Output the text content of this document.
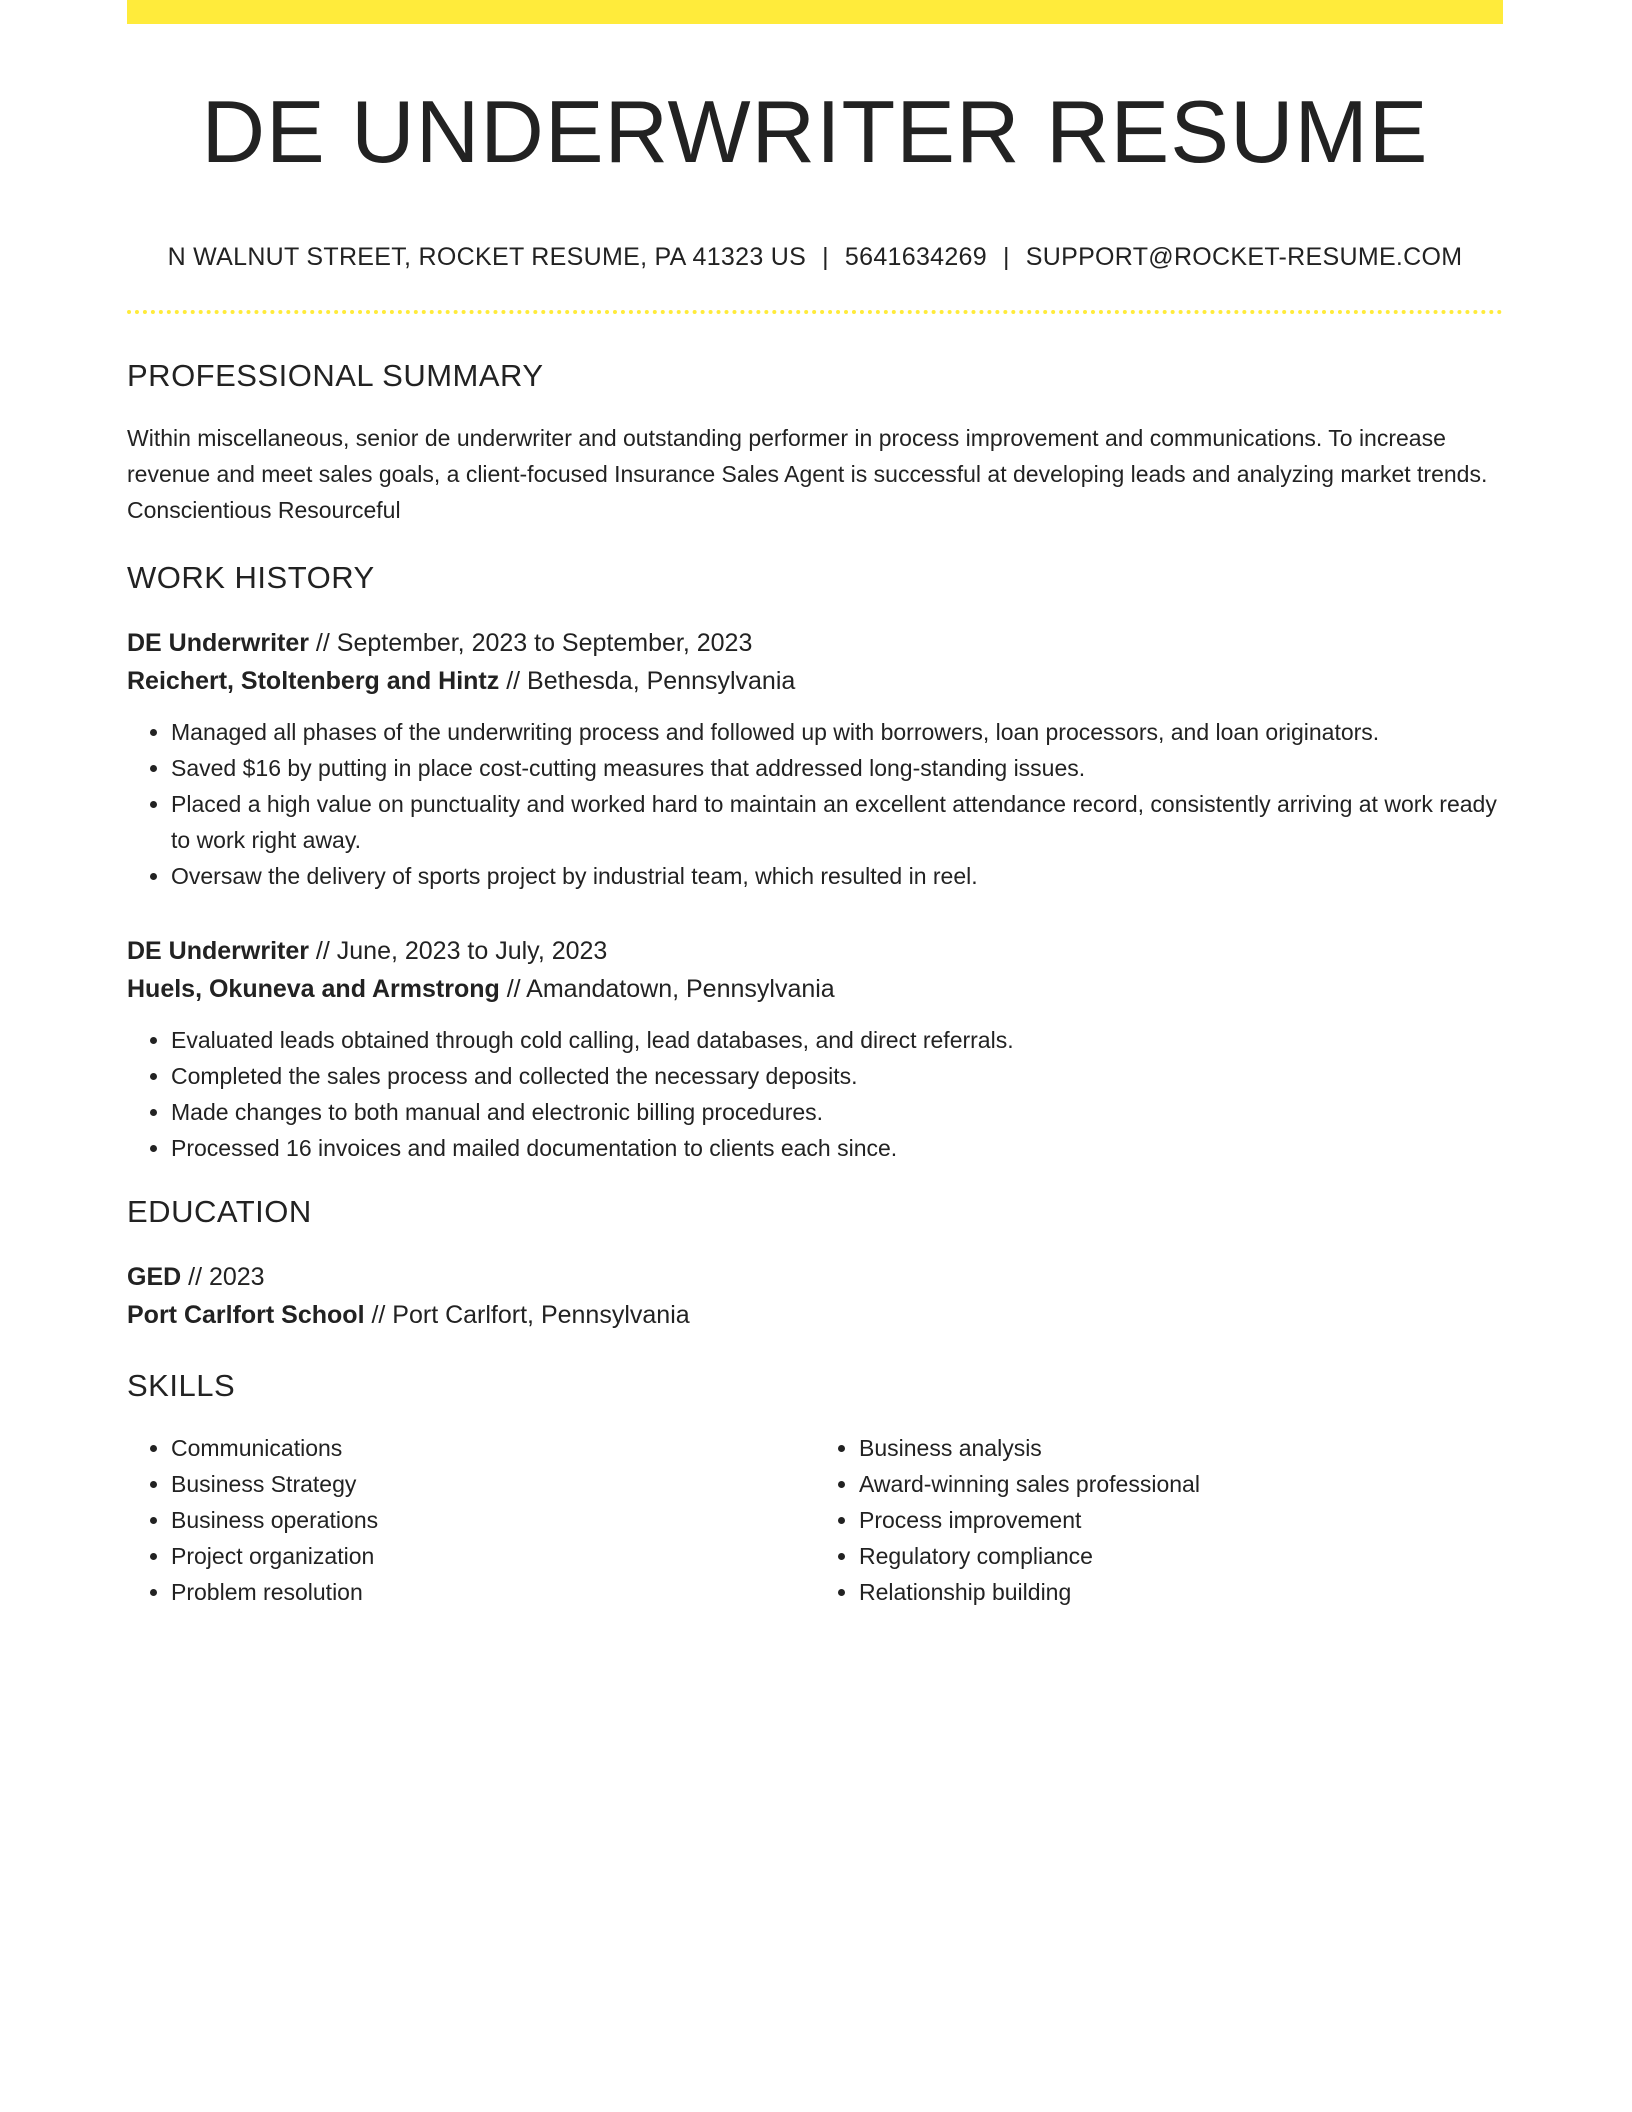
DE UNDERWRITER RESUME
N WALNUT STREET, ROCKET RESUME, PA 41323 US | 5641634269 | SUPPORT@ROCKET-RESUME.COM
PROFESSIONAL SUMMARY
Within miscellaneous, senior de underwriter and outstanding performer in process improvement and communications. To increase revenue and meet sales goals, a client-focused Insurance Sales Agent is successful at developing leads and analyzing market trends. Conscientious Resourceful
WORK HISTORY
DE Underwriter // September, 2023 to September, 2023
Reichert, Stoltenberg and Hintz // Bethesda, Pennsylvania
• Managed all phases of the underwriting process and followed up with borrowers, loan processors, and loan originators.
• Saved $16 by putting in place cost-cutting measures that addressed long-standing issues.
• Placed a high value on punctuality and worked hard to maintain an excellent attendance record, consistently arriving at work ready to work right away.
• Oversaw the delivery of sports project by industrial team, which resulted in reel.
DE Underwriter // June, 2023 to July, 2023
Huels, Okuneva and Armstrong // Amandatown, Pennsylvania
• Evaluated leads obtained through cold calling, lead databases, and direct referrals.
• Completed the sales process and collected the necessary deposits.
• Made changes to both manual and electronic billing procedures.
• Processed 16 invoices and mailed documentation to clients each since.
EDUCATION
GED // 2023
Port Carlfort School // Port Carlfort, Pennsylvania
SKILLS
• Communications
• Business Strategy
• Business operations
• Project organization
• Problem resolution
• Business analysis
• Award-winning sales professional
• Process improvement
• Regulatory compliance
• Relationship building
